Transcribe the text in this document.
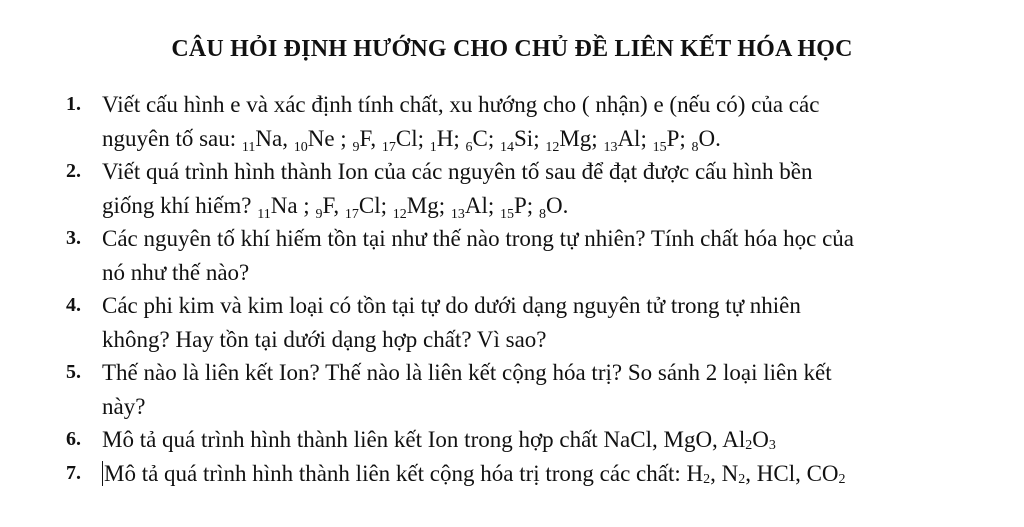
CÂU HỎI ĐỊNH HƯỚNG CHO CHỦ ĐỀ LIÊN KẾT HÓA HỌC
1. Viết cấu hình e và xác định tính chất, xu hướng cho ( nhận) e (nếu có) của các
nguyên tố sau: $_{11}$Na, $_{10}$Ne ; $_9$F, $_{17}$Cl; $_1$H; $_6$C; $_{14}$Si; $_{12}$Mg; $_{13}$Al; $_{15}$P; $_8$O.
2. Viết quá trình hình thành Ion của các nguyên tố sau để đạt được cấu hình bền
giống khí hiếm? $_{11}$Na ; $_9$F, $_{17}$Cl; $_{12}$Mg; $_{13}$Al; $_{15}$P; $_8$O.
3. Các nguyên tố khí hiếm tồn tại như thế nào trong tự nhiên? Tính chất hóa học của
nó như thế nào?
4. Các phi kim và kim loại có tồn tại tự do dưới dạng nguyên tử trong tự nhiên
không? Hay tồn tại dưới dạng hợp chất? Vì sao?
5. Thế nào là liên kết Ion? Thế nào là liên kết cộng hóa trị? So sánh 2 loại liên kết
này?
6. Mô tả quá trình hình thành liên kết Ion trong hợp chất NaCl, MgO, $Al_2O_3$
7.	Mô tả quá trình hình thành liên kết cộng hóa trị trong các chất: $H_2$, $N_2$, HCl, $CO_2$
